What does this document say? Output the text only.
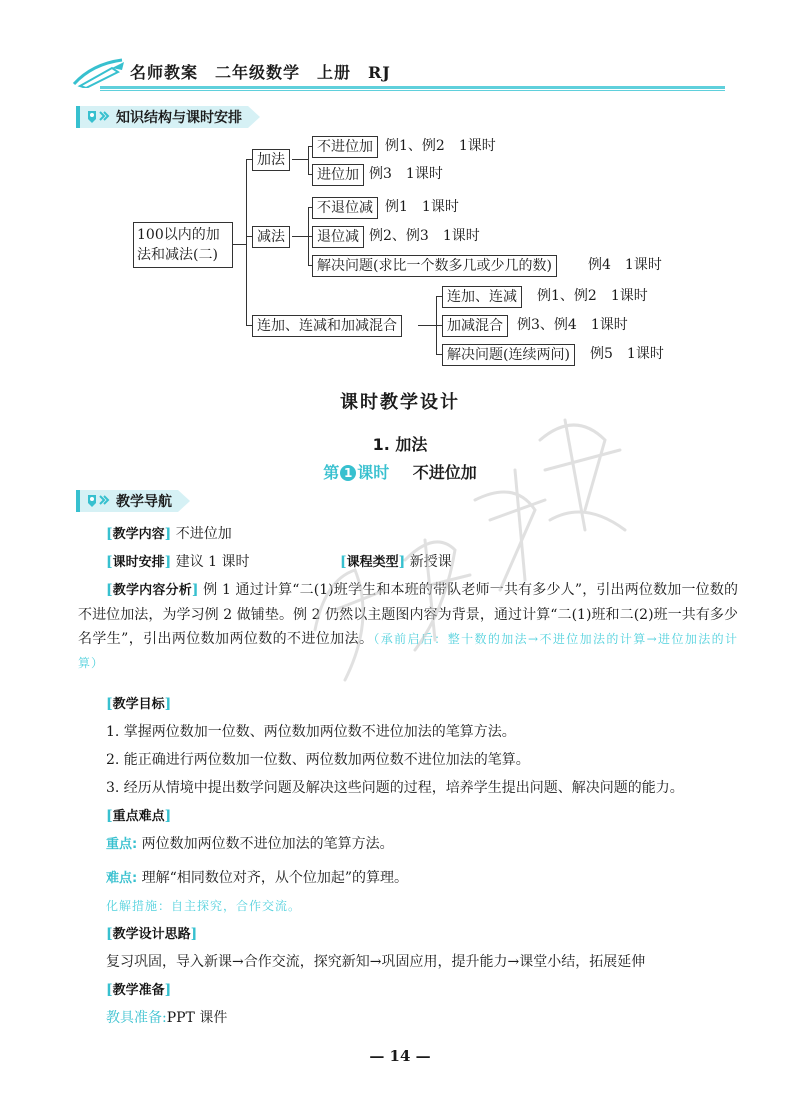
名师教案　二年级数学　上册　RJ
知识结构与课时安排
100以内的加
法和减法(二)
加法
不进位加 例1、例2　1课时
进位加 例3　1课时
减法
不退位减 例1　1课时
退位减 例2、例3　1课时
解决问题(求比一个数多几或少几的数)	例4　1课时
连加、连减和加减混合
连加、连减	例1、例2　1课时
加减混合	例3、例4　1课时
解决问题(连续两问)	例5　1课时
课时教学设计
1. 加法
第 1 课时 不进位加
教学导航
[教学内容] 不进位加
[课时安排] 建议 1 课时	[课程类型] 新授课
[教学内容分析] 例 1 通过计算“二(1)班学生和本班的带队老师一共有多少人”，引出两位数加一位数的不进位加法，为学习例 2 做铺垫。例 2 仍然以主题图内容为背景，通过计算“二(1)班和二(2)班一共有多少名学生”，引出两位数加两位数的不进位加法。（承前启后：整十数的加法→不进位加法的计算→进位加法的计算）
[教学目标]
1. 掌握两位数加一位数、两位数加两位数不进位加法的笔算方法。
2. 能正确进行两位数加一位数、两位数加两位数不进位加法的笔算。
3. 经历从情境中提出数学问题及解决这些问题的过程，培养学生提出问题、解决问题的能力。
[重点难点]
重点: 两位数加两位数不进位加法的笔算方法。
难点: 理解“相同数位对齐，从个位加起”的算理。
化解措施：自主探究，合作交流。
[教学设计思路]
复习巩固，导入新课→合作交流，探究新知→巩固应用，提升能力→课堂小结，拓展延伸
[教学准备]
教具准备:PPT 课件
— 14 —
